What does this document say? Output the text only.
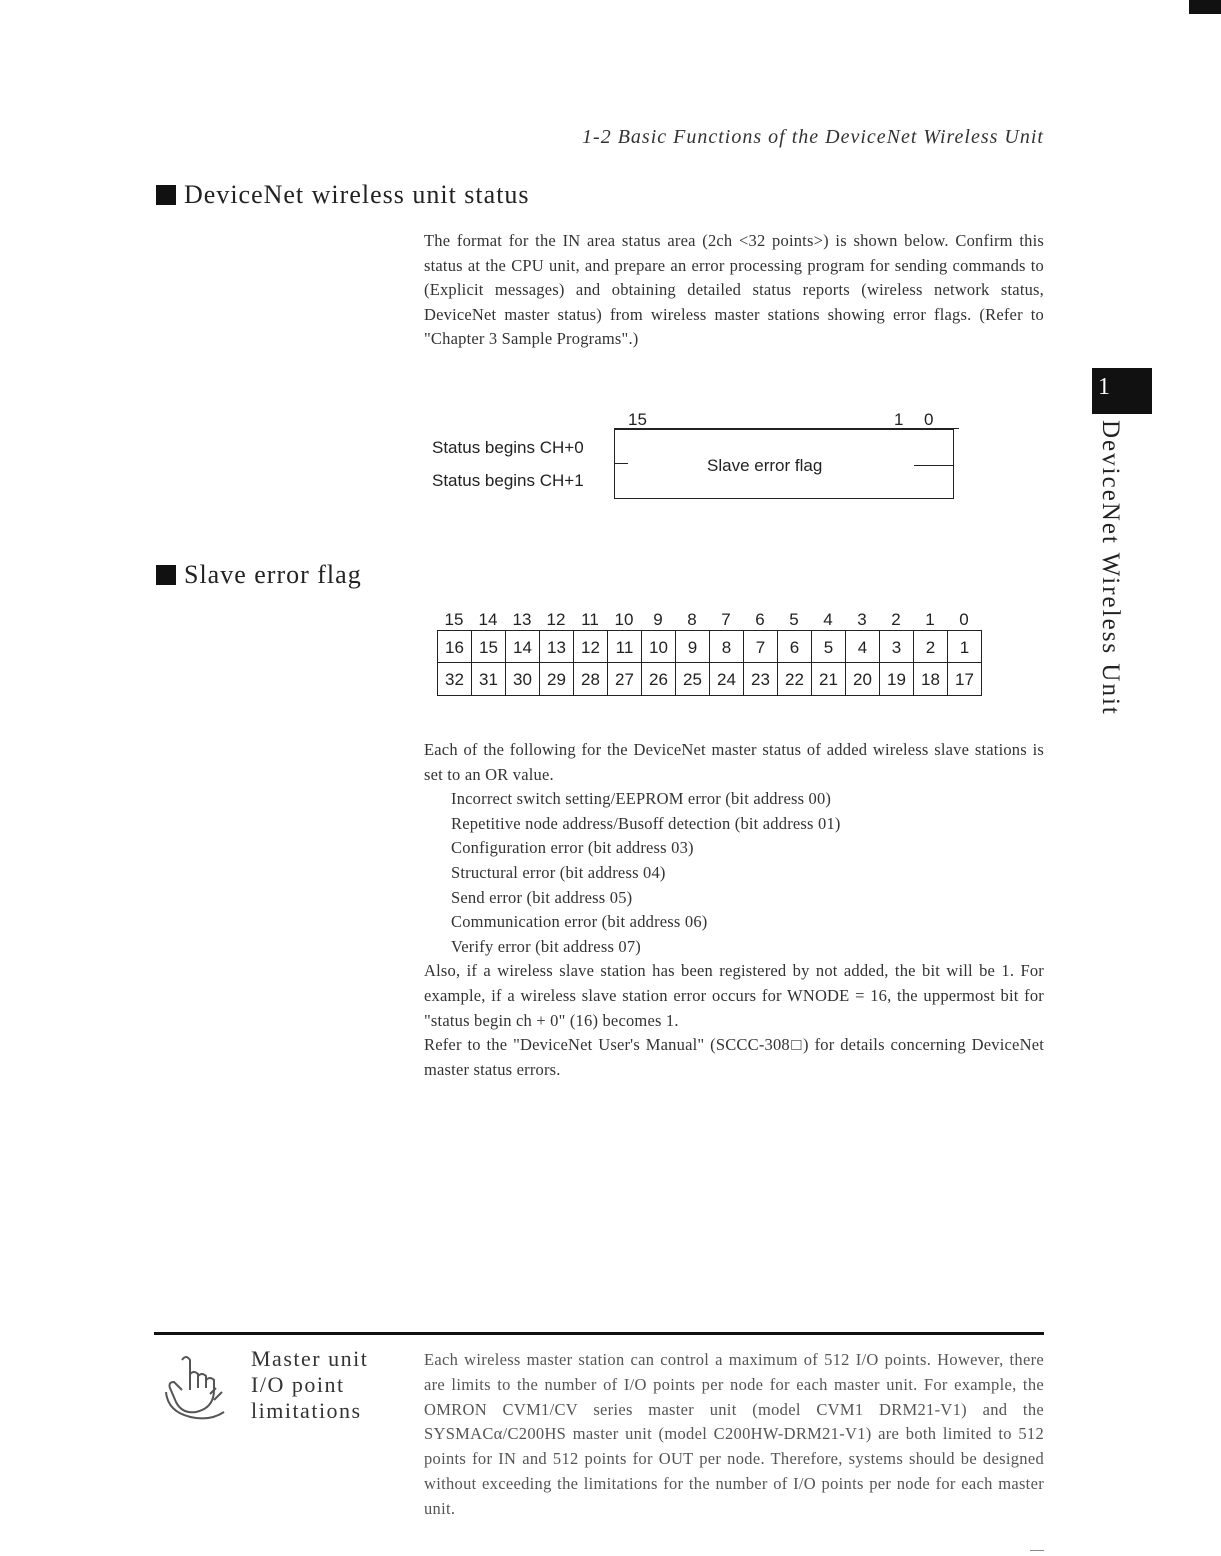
1-2 Basic Functions of the DeviceNet Wireless Unit
DeviceNet wireless unit status

The format for the IN area status area (2ch <32 points>) is shown below. Confirm this status at the CPU unit, and prepare an error processing program for sending commands to (Explicit messages) and obtaining detailed status reports (wireless network status, DeviceNet master status) from wireless master stations showing error flags. (Refer to "Chapter 3 Sample Programs".)

15	1 0
Status begins CH+0
Status begins CH+1
Slave error flag
Slave error flag
15 14 13 12 11 10	9	8	7	6	5	4	3	2	1	0
16 15 14 13 12 11 10	9	8	7	6	5	4	3	2	1
32 31 30 29 28 27 26 25 24 23 22 21 20 19 18 17
Each of the following for the DeviceNet master status of added wireless slave stations is set to an OR value.
Incorrect switch setting/EEPROM error (bit address 00)
Repetitive node address/Busoff detection (bit address 01)
Configuration error (bit address 03)
Structural error (bit address 04)
Send error (bit address 05)
Communication error (bit address 06)
Verify error (bit address 07)
Also, if a wireless slave station has been registered by not added, the bit will be 1. For example, if a wireless slave station error occurs for WNODE = 16, the uppermost bit for "status begin ch + 0" (16) becomes 1.
Refer to the "DeviceNet User's Manual" (SCCC-308□) for details concerning DeviceNet master status errors.
1
DeviceNet Wireless Unit
Master unit
I/O point
limitations

Each wireless master station can control a maximum of 512 I/O points. However, there are limits to the number of I/O points per node for each master unit. For example, the OMRON CVM1/CV series master unit (model CVM1 DRM21-V1) and the SYSMACα/C200HS master unit (model C200HW-DRM21-V1) are both limited to 512 points for IN and 512 points for OUT per node. Therefore, systems should be designed without exceeding the limitations for the number of I/O points per node for each master unit.
